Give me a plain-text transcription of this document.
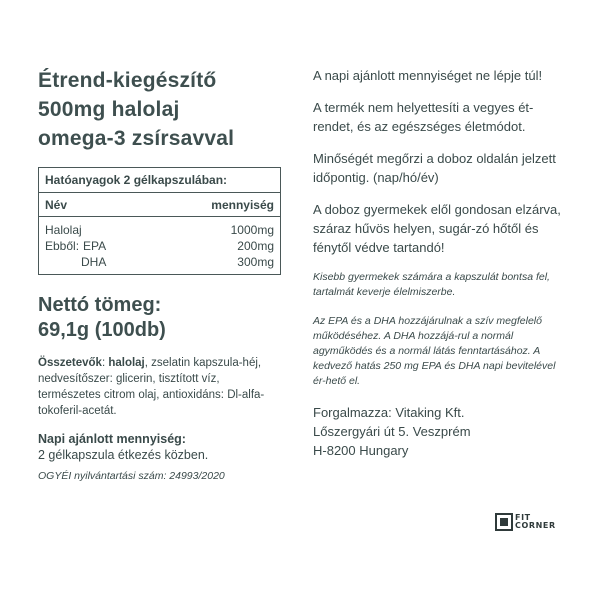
Étrend-kiegészítő
500mg halolaj
omega-3 zsírsavval
Hatóanyagok 2 gélkapszulában:
Név	mennyiség
Halolaj	1000mg
Ebből: EPA	200mg
DHA	300mg
Nettó tömeg:
69,1g (100db)
Összetevők: halolaj, zselatin kapszula-héj, nedvesítőszer: glicerin, tisztított víz, természetes citrom olaj, antioxidáns: Dl-alfa-tokoferil-acetát.
Napi ajánlott mennyiség:
2 gélkapszula étkezés közben.
OGYÉI nyilvántartási szám: 24993/2020
A napi ajánlott mennyiséget ne lépje túl!
A termék nem helyettesíti a vegyes ét-rendet, és az egészséges életmódot.
Minőségét megőrzi a doboz oldalán jelzett időpontig. (nap/hó/év)
A doboz gyermekek elől gondosan elzárva, száraz hűvös helyen, sugár-zó hőtől és fénytől védve tartandó!
Kisebb gyermekek számára a kapszulát bontsa fel, tartalmát keverje élelmiszerbe.
Az EPA és a DHA hozzájárulnak a szív megfelelő működéséhez. A DHA hozzájá-rul a normál agyműködés és a normál látás fenntartásához. A kedvező hatás 250 mg EPA és DHA napi bevitelével ér-hető el.
Forgalmazza: Vitaking Kft.
Lőszergyári út 5. Veszprém
H-8200 Hungary
FIT
CORNER
